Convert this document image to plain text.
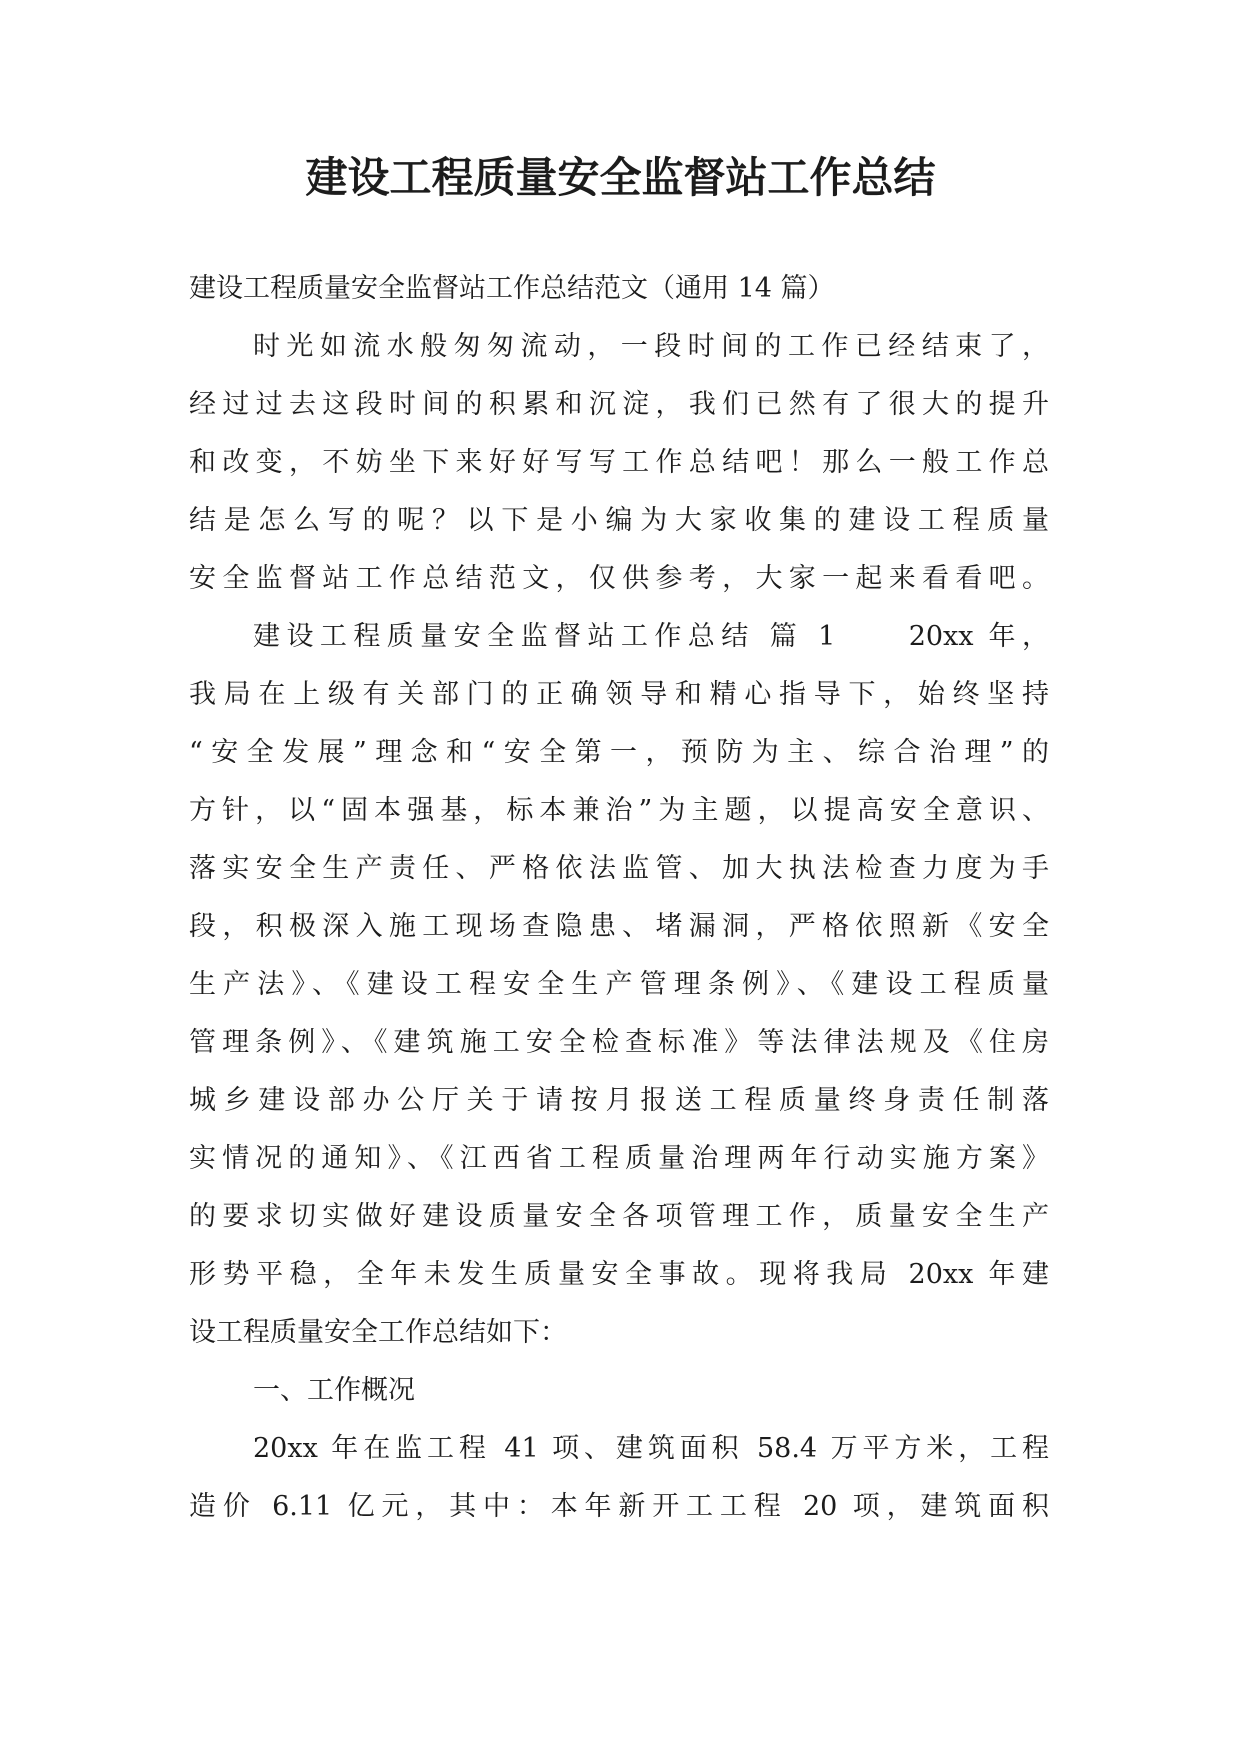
建设工程质量安全监督站工作总结
建设工程质量安全监督站工作总结范文（通用 14 篇）
时光如流水般匆匆流动，一段时间的工作已经结束了，
经过过去这段时间的积累和沉淀，我们已然有了很大的提升
和改变，不妨坐下来好好写写工作总结吧！那么一般工作总
结是怎么写的呢？以下是小编为大家收集的建设工程质量
安全监督站工作总结范文，仅供参考，大家一起来看看吧。
建设工程质量安全监督站工作总结 篇 1　　20xx 年，
我局在上级有关部门的正确领导和精心指导下，始终坚持
“安全发展”理念和“安全第一，预防为主、综合治理”的
方针，以“固本强基，标本兼治”为主题，以提高安全意识、
落实安全生产责任、严格依法监管、加大执法检查力度为手
段，积极深入施工现场查隐患、堵漏洞，严格依照新《安全
生产法》、《建设工程安全生产管理条例》、《建设工程质量
管理条例》、《建筑施工安全检查标准》等法律法规及《住房
城乡建设部办公厅关于请按月报送工程质量终身责任制落
实情况的通知》、《江西省工程质量治理两年行动实施方案》
的要求切实做好建设质量安全各项管理工作，质量安全生产
形势平稳，全年未发生质量安全事故。现将我局 20xx 年建
设工程质量安全工作总结如下：
一、工作概况
20xx 年在监工程 41 项、建筑面积 58.4 万平方米，工程
造价 6.11 亿元，其中：本年新开工工程 20 项，建筑面积
